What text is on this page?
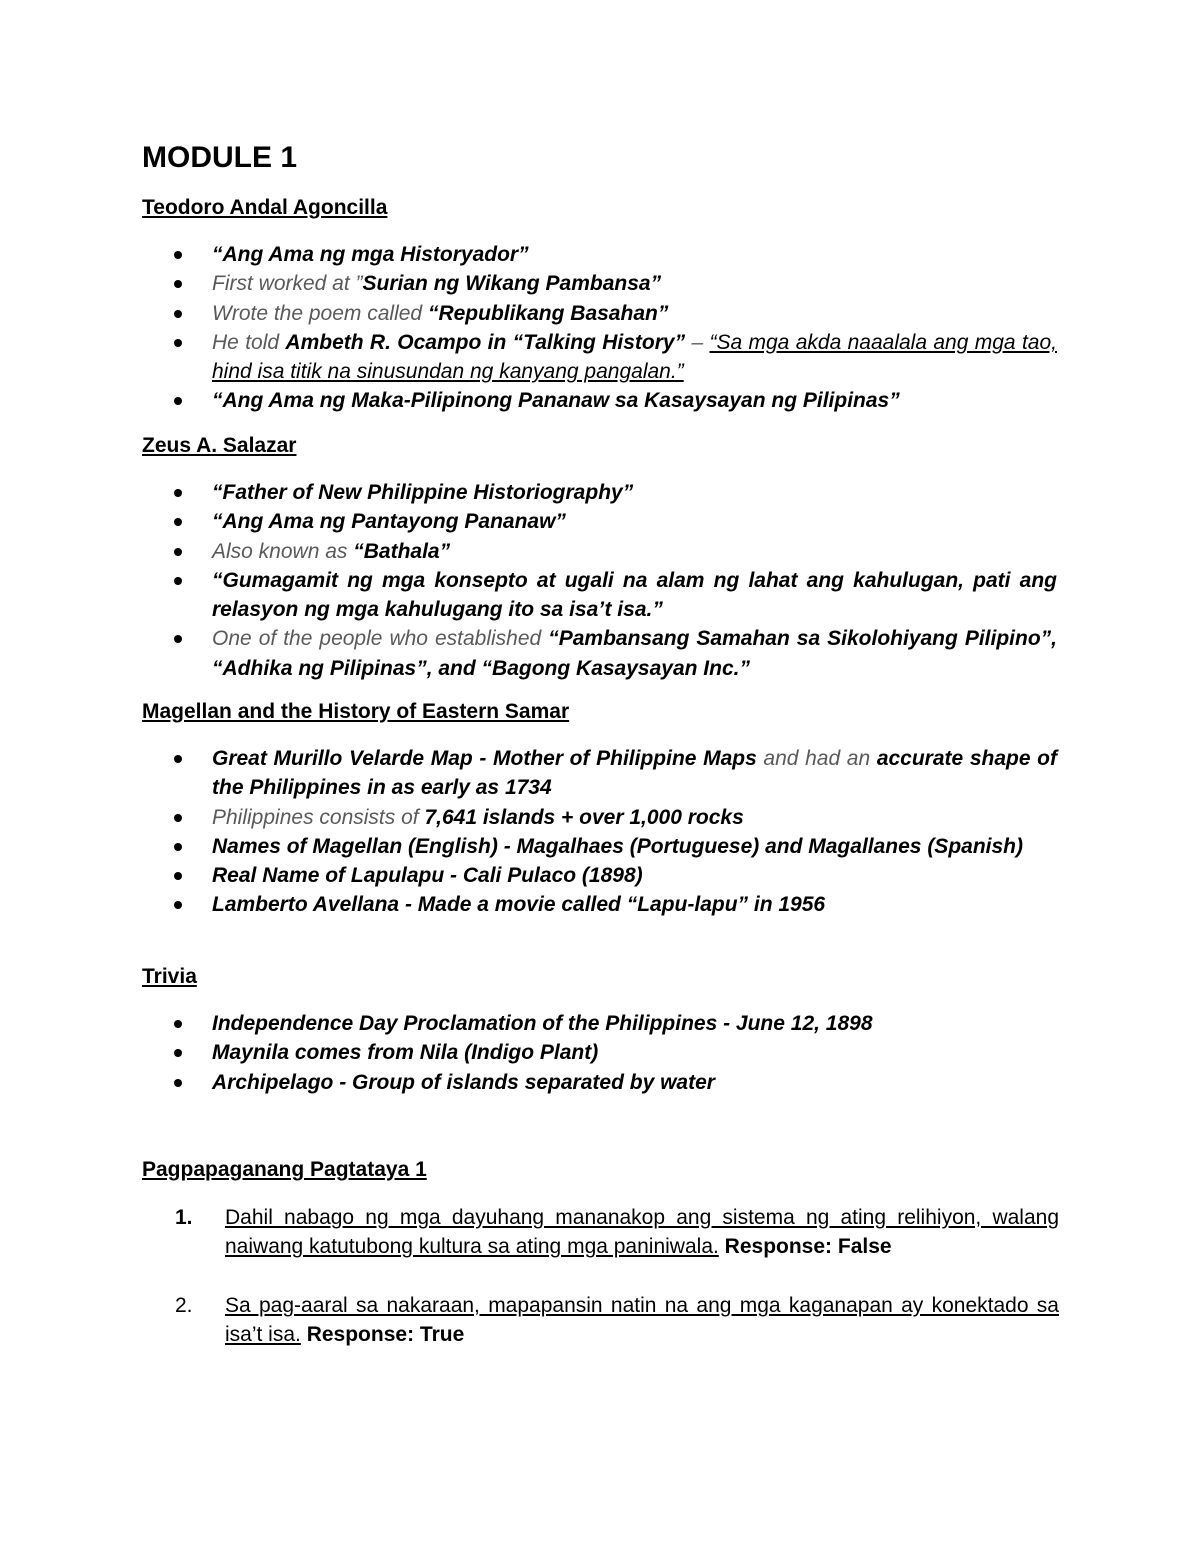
MODULE 1
Teodoro Andal Agoncilla
“Ang Ama ng mga Historyador”
First worked at ”Surian ng Wikang Pambansa”
Wrote the poem called “Republikang Basahan”
He told Ambeth R. Ocampo in “Talking History” – “Sa mga akda naaalala ang mga tao, hind isa titik na sinusundan ng kanyang pangalan.”
“Ang Ama ng Maka-Pilipinong Pananaw sa Kasaysayan ng Pilipinas”
Zeus A. Salazar
“Father of New Philippine Historiography”
“Ang Ama ng Pantayong Pananaw”
Also known as “Bathala”
“Gumagamit ng mga konsepto at ugali na alam ng lahat ang kahulugan, pati ang relasyon ng mga kahulugang ito sa isa’t isa.”
One of the people who established “Pambansang Samahan sa Sikolohiyang Pilipino”, “Adhika ng Pilipinas”, and “Bagong Kasaysayan Inc.”
Magellan and the History of Eastern Samar
Great Murillo Velarde Map - Mother of Philippine Maps and had an accurate shape of the Philippines in as early as 1734
Philippines consists of 7,641 islands + over 1,000 rocks
Names of Magellan (English) - Magalhaes (Portuguese) and Magallanes (Spanish)
Real Name of Lapulapu - Cali Pulaco (1898)
Lamberto Avellana - Made a movie called “Lapu-lapu” in 1956
Trivia
Independence Day Proclamation of the Philippines - June 12, 1898
Maynila comes from Nila (Indigo Plant)
Archipelago - Group of islands separated by water
Pagpapaganang Pagtataya 1
1. Dahil nabago ng mga dayuhang mananakop ang sistema ng ating relihiyon, walang naiwang katutubong kultura sa ating mga paniniwala. Response: False
2. Sa pag-aaral sa nakaraan, mapapansin natin na ang mga kaganapan ay konektado sa isa’t isa. Response: True
